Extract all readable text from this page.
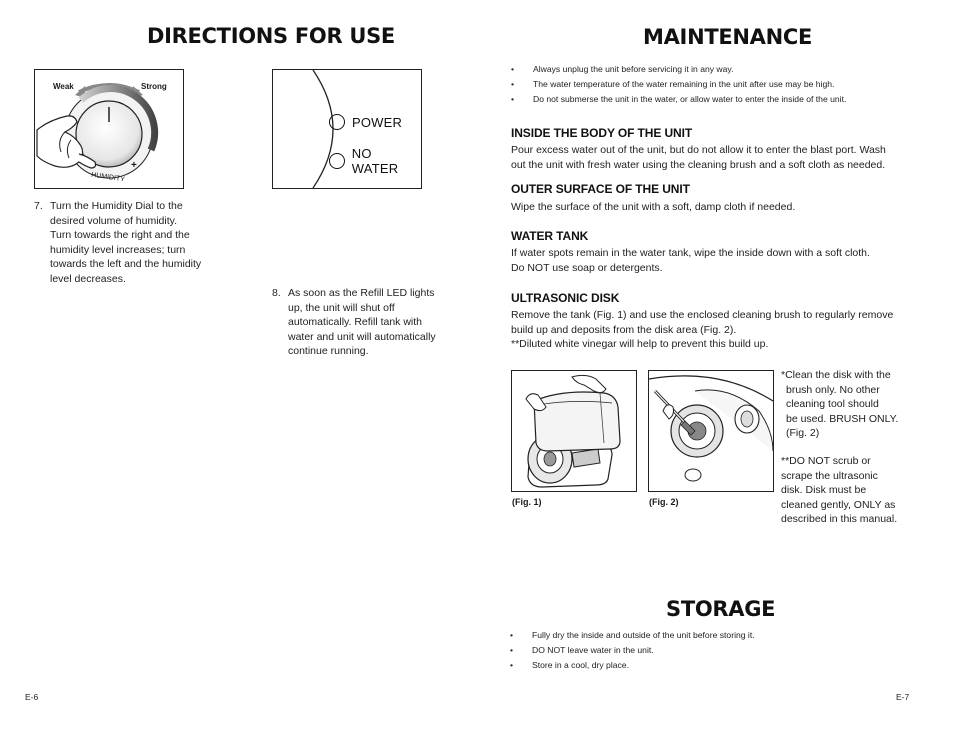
DIRECTIONS FOR USE
Weak	Strong
HUMIDITY
+
POWER
NO WATER
7. Turn the Humidity Dial to the
desired volume of humidity.
Turn towards the right and the
humidity level increases; turn
towards the left and the humidity
level decreases.
8. As soon as the Refill LED lights
up, the unit will shut off
automatically. Refill tank with
water and unit will automatically
continue running.
E-6
MAINTENANCE
• Always unplug the unit before servicing it in any way.
• The water temperature of the water remaining in the unit after use may be high.
• Do not submerse the unit in the water, or allow water to enter the inside of the unit.
INSIDE THE BODY OF THE UNIT
Pour excess water out of the unit, but do not allow it to enter the blast port. Wash
out the unit with fresh water using the cleaning brush and a soft cloth as needed.
OUTER SURFACE OF THE UNIT
Wipe the surface of the unit with a soft, damp cloth if needed.
WATER TANK
If water spots remain in the water tank, wipe the inside down with a soft cloth.
Do NOT use soap or detergents.
ULTRASONIC DISK
Remove the tank (Fig. 1) and use the enclosed cleaning brush to regularly remove
build up and deposits from the disk area (Fig. 2).
**Diluted white vinegar will help to prevent this build up.
(Fig. 1)	(Fig. 2)
*Clean the disk with the
brush only. No other
cleaning tool should
be used. BRUSH ONLY.
(Fig. 2)
**DO NOT scrub or
scrape the ultrasonic
disk. Disk must be
cleaned gently, ONLY as
described in this manual.
STORAGE
• Fully dry the inside and outside of the unit before storing it.
• DO NOT leave water in the unit.
• Store in a cool, dry place.
E-7
